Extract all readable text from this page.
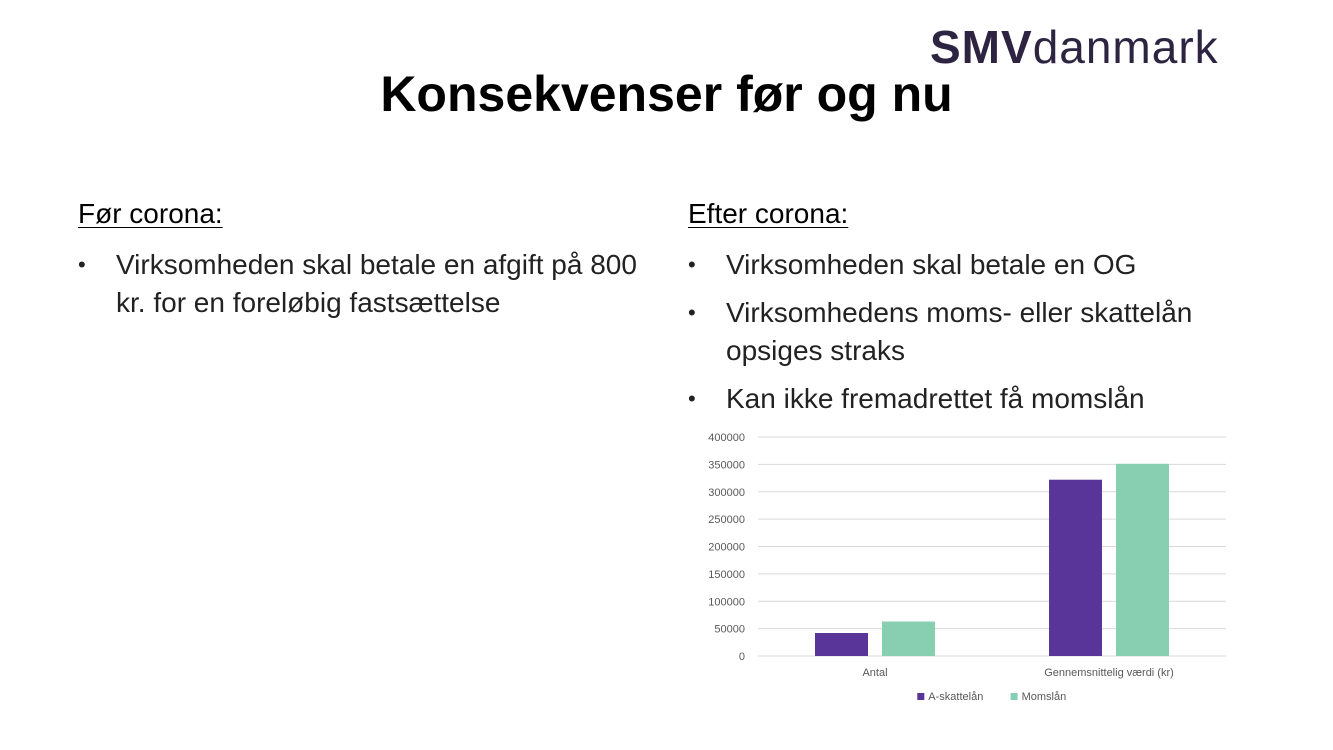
SMVdanmark
Konsekvenser før og nu
Før corona:
• Virksomheden skal betale en afgift på 800 kr. for en foreløbig fastsættelse
Efter corona:
• Virksomheden skal betale en OG
• Virksomhedens moms- eller skattelån opsiges straks
• Kan ikke fremadrettet få momslån
0
50000
100000
150000
200000
250000
300000
350000
400000
Antal	Gennemsnittelig værdi (kr)
A-skattelån	Momslån
